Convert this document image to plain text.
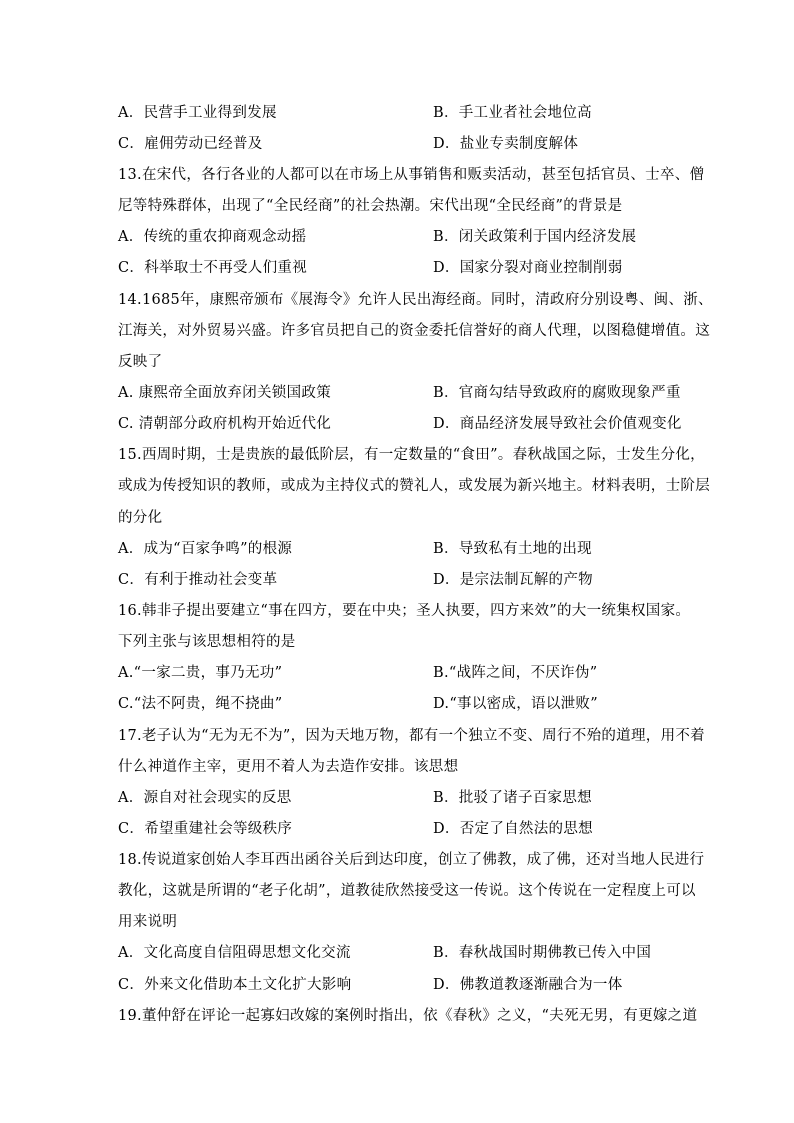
A．民营手工业得到发展	B．手工业者社会地位高
C．雇佣劳动已经普及	D．盐业专卖制度解体
13.在宋代，各行各业的人都可以在市场上从事销售和贩卖活动，甚至包括官员、士卒、僧
尼等特殊群体，出现了“全民经商”的社会热潮。宋代出现“全民经商”的背景是
A．传统的重农抑商观念动摇	B．闭关政策利于国内经济发展
C．科举取士不再受人们重视	D．国家分裂对商业控制削弱
14.1685年，康熙帝颁布《展海令》允许人民出海经商。同时，清政府分别设粤、闽、浙、
江海关，对外贸易兴盛。许多官员把自己的资金委托信誉好的商人代理，以图稳健增值。这
反映了
A. 康熙帝全面放弃闭关锁国政策	B．官商勾结导致政府的腐败现象严重
C. 清朝部分政府机构开始近代化	D．商品经济发展导致社会价值观变化
15.西周时期，士是贵族的最低阶层，有一定数量的“食田”。春秋战国之际，士发生分化，
或成为传授知识的教师，或成为主持仪式的赞礼人，或发展为新兴地主。材料表明，士阶层
的分化
A．成为“百家争鸣”的根源	B．导致私有土地的出现
C．有利于推动社会变革	D．是宗法制瓦解的产物
16.韩非子提出要建立“事在四方，要在中央；圣人执要，四方来效”的大一统集权国家。
下列主张与该思想相符的是
A.“一家二贵，事乃无功”	B.“战阵之间，不厌诈伪”
C.“法不阿贵，绳不挠曲”	D.“事以密成，语以泄败”
17.老子认为“无为无不为”，因为天地万物，都有一个独立不变、周行不殆的道理，用不着
什么神道作主宰，更用不着人为去造作安排。该思想
A．源自对社会现实的反思	B．批驳了诸子百家思想
C．希望重建社会等级秩序	D．否定了自然法的思想
18.传说道家创始人李耳西出函谷关后到达印度，创立了佛教，成了佛，还对当地人民进行
教化，这就是所谓的“老子化胡”，道教徒欣然接受这一传说。这个传说在一定程度上可以
用来说明
A．文化高度自信阻碍思想文化交流	B．春秋战国时期佛教已传入中国
C．外来文化借助本土文化扩大影响	D．佛教道教逐渐融合为一体
19.董仲舒在评论一起寡妇改嫁的案例时指出，依《春秋》之义，“夫死无男，有更嫁之道
